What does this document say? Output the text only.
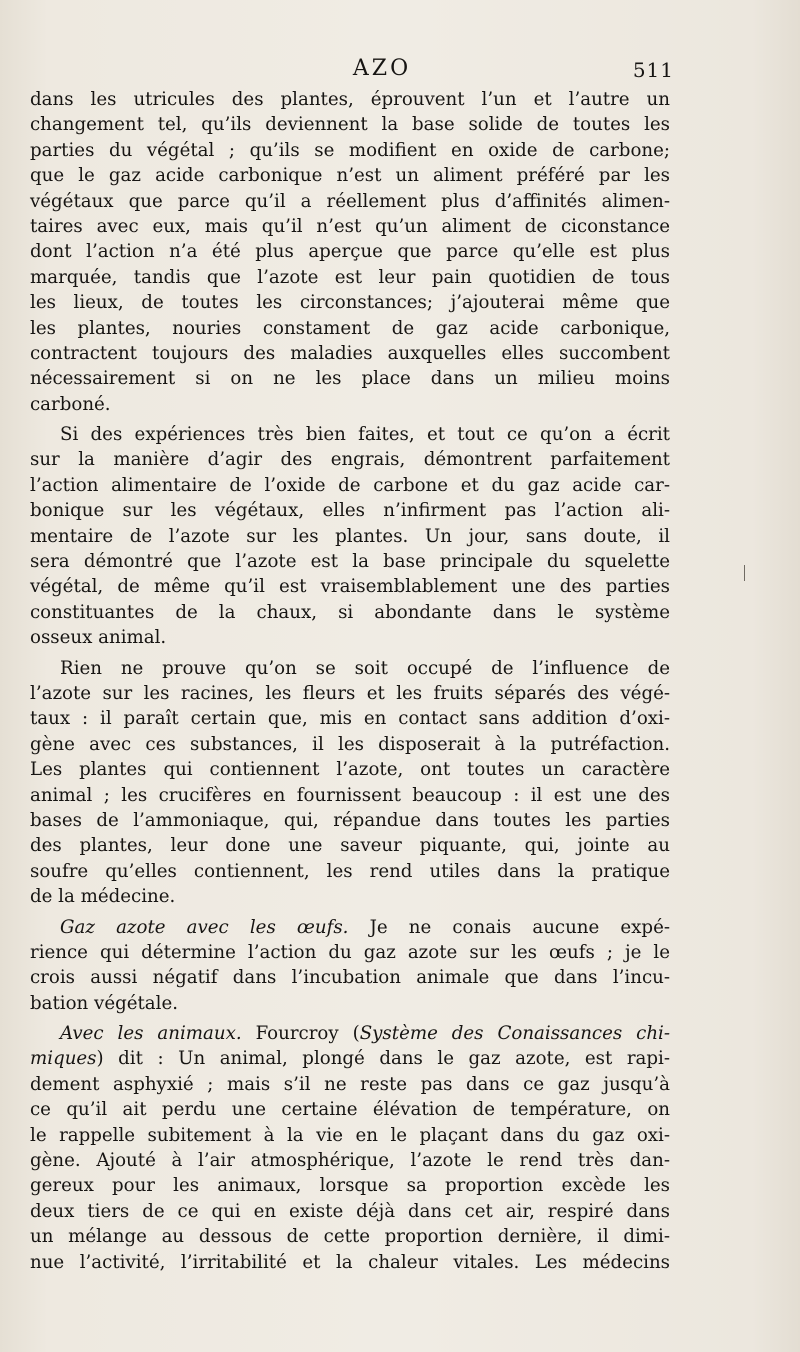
AZO	511
dans les utricules des plantes, éprouvent l’un et l’autre un
changement tel, qu’ils deviennent la base solide de toutes les
parties du végétal ; qu’ils se modifient en oxide de carbone;
que le gaz acide carbonique n’est un aliment préféré par les
végétaux que parce qu’il a réellement plus d’affinités alimen-
taires avec eux, mais qu’il n’est qu’un aliment de ciconstance
dont l’action n’a été plus aperçue que parce qu’elle est plus
marquée, tandis que l’azote est leur pain quotidien de tous
les lieux, de toutes les circonstances; j’ajouterai même que
les plantes, nouries constament de gaz acide carbonique,
contractent toujours des maladies auxquelles elles succombent
nécessairement si on ne les place dans un milieu moins
carboné.
Si des expériences très bien faites, et tout ce qu’on a écrit
sur la manière d’agir des engrais, démontrent parfaitement
l’action alimentaire de l’oxide de carbone et du gaz acide car-
bonique sur les végétaux, elles n’infirment pas l’action ali-
mentaire de l’azote sur les plantes. Un jour, sans doute, il
sera démontré que l’azote est la base principale du squelette
végétal, de même qu’il est vraisemblablement une des parties
constituantes de la chaux, si abondante dans le système
osseux animal.
Rien ne prouve qu’on se soit occupé de l’influence de
l’azote sur les racines, les fleurs et les fruits séparés des végé-
taux : il paraît certain que, mis en contact sans addition d’oxi-
gène avec ces substances, il les disposerait à la putréfaction.
Les plantes qui contiennent l’azote, ont toutes un caractère
animal ; les crucifères en fournissent beaucoup : il est une des
bases de l’ammoniaque, qui, répandue dans toutes les parties
des plantes, leur done une saveur piquante, qui, jointe au
soufre qu’elles contiennent, les rend utiles dans la pratique
de la médecine.
Gaz azote avec les œufs. Je ne conais aucune expé-
rience qui détermine l’action du gaz azote sur les œufs ; je le
crois aussi négatif dans l’incubation animale que dans l’incu-
bation végétale.
Avec les animaux. Fourcroy (Système des Conaissances chi-
miques) dit : Un animal, plongé dans le gaz azote, est rapi-
dement asphyxié ; mais s’il ne reste pas dans ce gaz jusqu’à
ce qu’il ait perdu une certaine élévation de température, on
le rappelle subitement à la vie en le plaçant dans du gaz oxi-
gène. Ajouté à l’air atmosphérique, l’azote le rend très dan-
gereux pour les animaux, lorsque sa proportion excède les
deux tiers de ce qui en existe déjà dans cet air, respiré dans
un mélange au dessous de cette proportion dernière, il dimi-
nue l’activité, l’irritabilité et la chaleur vitales. Les médecins
